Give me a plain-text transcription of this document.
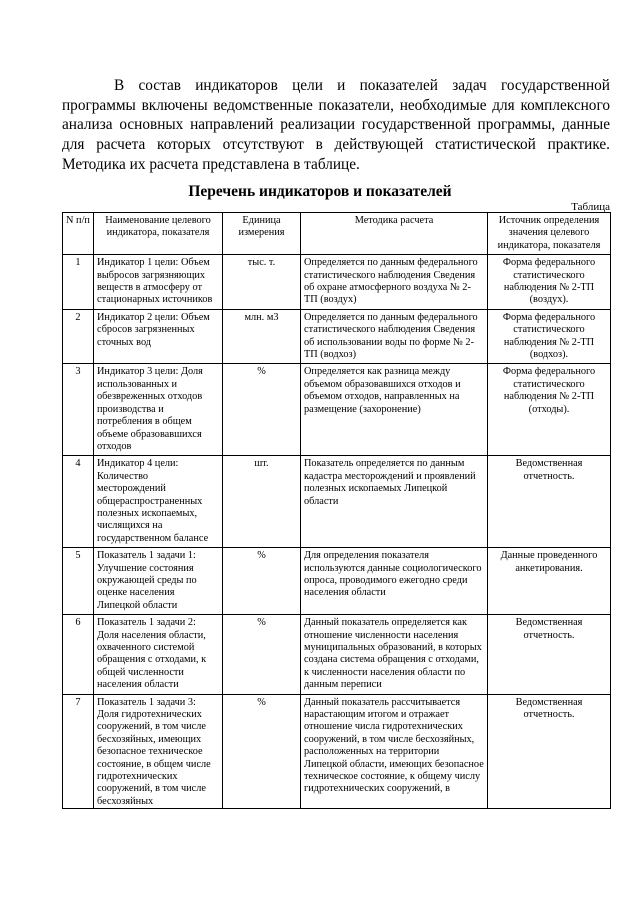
В состав индикаторов цели и показателей задач государственной программы включены ведомственные показатели, необходимые для комплексного анализа основных направлений реализации государственной программы, данные для расчета которых отсутствуют в действующей статистической практике. Методика их расчета представлена в таблице.
Перечень индикаторов и показателей
Таблица
N п/п	Наименование целевого индикатора, показателя	Единица измерения	Методика расчета	Источник определения значения целевого индикатора, показателя
1	Индикатор 1 цели: Объем выбросов загрязняющих веществ в атмосферу от стационарных источников	тыс. т.	Определяется по данным федерального статистического наблюдения Сведения об охране атмосферного воздуха № 2-ТП (воздух)	Форма федерального статистического наблюдения № 2-ТП (воздух).
2	Индикатор 2 цели: Объем сбросов загрязненных сточных вод	млн. м3	Определяется по данным федерального статистического наблюдения Сведения об использовании воды по форме № 2-ТП (водхоз)	Форма федерального статистического наблюдения № 2-ТП (водхоз).
3	Индикатор 3 цели: Доля использованных и обезвреженных отходов производства и потребления в общем объеме образовавшихся отходов	%	Определяется как разница между объемом образовавшихся отходов и объемом отходов, направленных на размещение (захоронение)	Форма федерального статистического наблюдения № 2-ТП (отходы).
4	Индикатор 4 цели: Количество месторождений общераспространенных полезных ископаемых, числящихся на государственном балансе	шт.	Показатель определяется по данным кадастра месторождений и проявлений полезных ископаемых Липецкой области	Ведомственная отчетность.
5	Показатель 1 задачи 1: Улучшение состояния окружающей среды по оценке населения Липецкой области	%	Для определения показателя используются данные социологического опроса, проводимого ежегодно среди населения области	Данные проведенного анкетирования.
6	Показатель 1 задачи 2: Доля населения области, охваченного системой обращения с отходами, к общей численности населения области	%	Данный показатель определяется как отношение численности населения муниципальных образований, в которых создана система обращения с отходами, к численности населения области по данным переписи	Ведомственная отчетность.
7	Показатель 1 задачи 3: Доля гидротехнических сооружений, в том числе бесхозяйных, имеющих безопасное техническое состояние, в общем числе гидротехнических сооружений, в том числе бесхозяйных	%	Данный показатель рассчитывается нарастающим итогом и отражает отношение числа гидротехнических сооружений, в том числе бесхозяйных, расположенных на территории Липецкой области, имеющих безопасное техническое состояние, к общему числу гидротехнических сооружений, в	Ведомственная отчетность.
